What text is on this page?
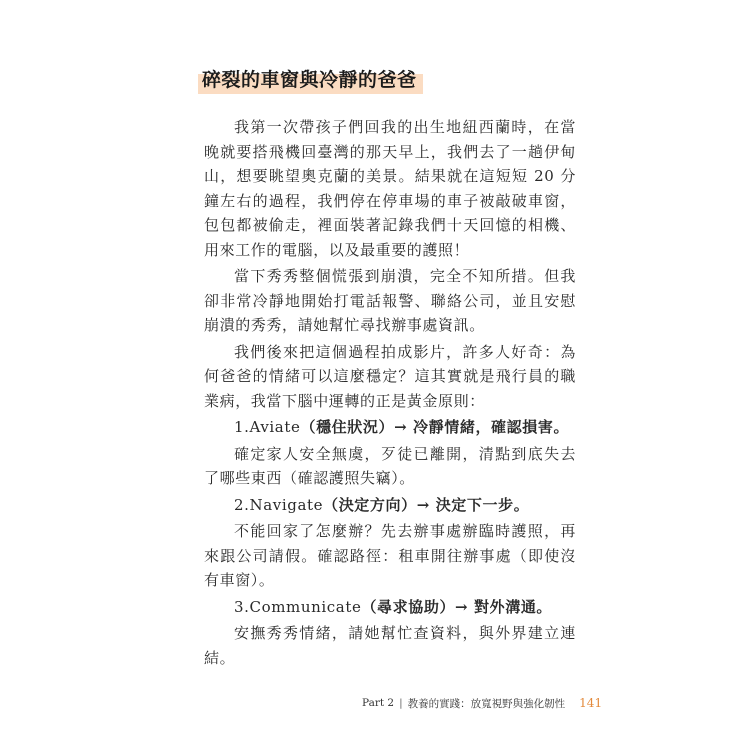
碎裂的車窗與冷靜的爸爸

我第一次帶孩子們回我的出生地紐西蘭時，在當晚就要搭飛機回臺灣的那天早上，我們去了一趟伊甸山，想要眺望奧克蘭的美景。結果就在這短短 20 分鐘左右的過程，我們停在停車場的車子被敲破車窗，包包都被偷走，裡面裝著記錄我們十天回憶的相機、用來工作的電腦，以及最重要的護照！

當下秀秀整個慌張到崩潰，完全不知所措。但我卻非常冷靜地開始打電話報警、聯絡公司，並且安慰崩潰的秀秀，請她幫忙尋找辦事處資訊。

我們後來把這個過程拍成影片，許多人好奇：為何爸爸的情緒可以這麼穩定？這其實就是飛行員的職業病，我當下腦中運轉的正是黃金原則：

1.Aviate（穩住狀況）→ 冷靜情緒，確認損害。

確定家人安全無虞，歹徒已離開，清點到底失去了哪些東西（確認護照失竊）。

2.Navigate（決定方向）→ 決定下一步。

不能回家了怎麼辦？先去辦事處辦臨時護照，再來跟公司請假。確認路徑：租車開往辦事處（即使沒有車窗）。

3.Communicate（尋求協助）→ 對外溝通。

安撫秀秀情緒，請她幫忙查資料，與外界建立連結。

Part 2 | 教養的實踐：放寬視野與強化韌性 141
